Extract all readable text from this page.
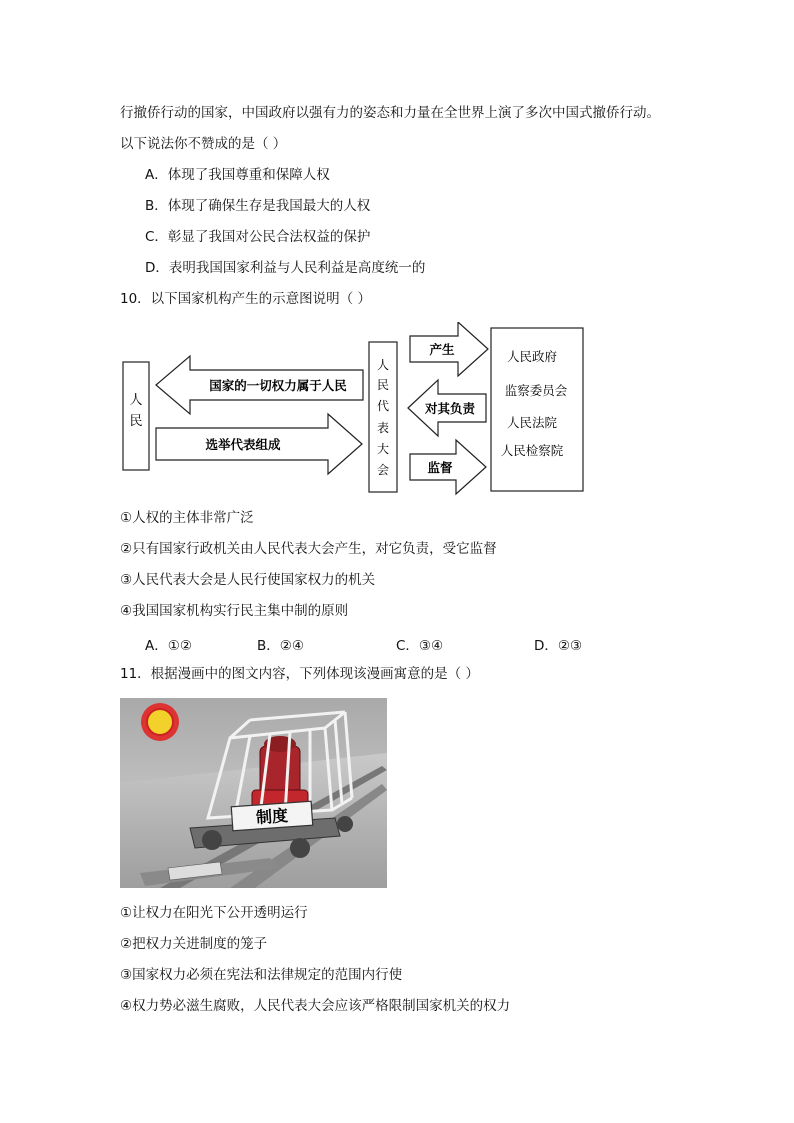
行撤侨行动的国家，中国政府以强有力的姿态和力量在全世界上演了多次中国式撤侨行动。
以下说法你不赞成的是（ ）
A．体现了我国尊重和保障人权
B．体现了确保生存是我国最大的人权
C．彰显了我国对公民合法权益的保护
D．表明我国国家利益与人民利益是高度统一的
10．以下国家机构产生的示意图说明（ ）
人
民
国家的一切权力属于人民
选举代表组成
人
民
代
表
大
会
产生
对其负责
监督
人民政府
监察委员会
人民法院
人民检察院
①人权的主体非常广泛
②只有国家行政机关由人民代表大会产生，对它负责，受它监督
③人民代表大会是人民行使国家权力的机关
④我国国家机构实行民主集中制的原则
A．①②	B．②④	C．③④	D．②③
11．根据漫画中的图文内容，下列体现该漫画寓意的是（ ）
制度
①让权力在阳光下公开透明运行
②把权力关进制度的笼子
③国家权力必须在宪法和法律规定的范围内行使
④权力势必滋生腐败，人民代表大会应该严格限制国家机关的权力
